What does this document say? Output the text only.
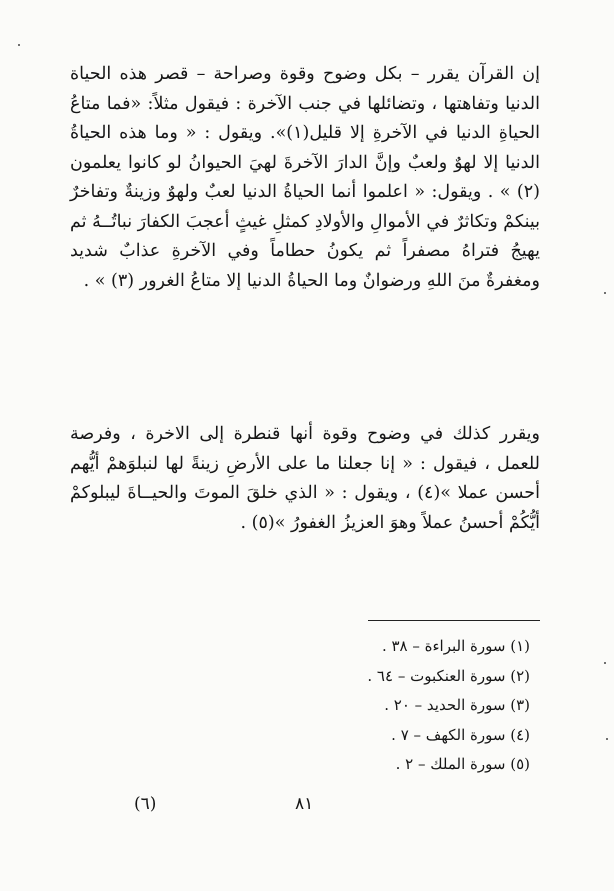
إن القرآن يقرر – بكل وضوح وقوة وصراحة – قصر هذه الحياة الدنيا وتفاهتها ، وتضائلها في جنب الآخرة : فيقول مثلاً: «فما متاعُ الحياةِ الدنيا في الآخرةِ إلا قليل(١)». ويقول : « وما هذه الحياةُ الدنيا إلا لهوٌ ولعبٌ وإنَّ الدارَ الآخرةَ لهيَ الحيوانُ لو كانوا يعلمون (٢) » . ويقول: « اعلموا أنما الحياةُ الدنيا لعبٌ ولهوٌ وزينةٌ وتفاخرٌ بينكمْ وتكاثرٌ في الأموالِ والأولادِ كمثلِ غيثٍ أعجبَ الكفارَ نباتُــهُ ثم يهيجُ فتراهُ مصفراً ثم يكونُ حطاماً وفي الآخرةِ عذابٌ شديد ومغفرةٌ منَ اللهِ ورضوانٌ وما الحياةُ الدنيا إلا متاعُ الغرور (٣) » .

ويقرر كذلك في وضوح وقوة أنها قنطرة إلى الاخرة ، وفرصة للعمل ، فيقول : « إنا جعلنا ما على الأرضِ زينةً لها لنبلوَهمْ أيُّهم أحسن عملا »(٤) ، ويقول : « الذي خلقَ الموتَ والحيــاةَ ليبلوكمْ أيُّكُمْ أحسنُ عملاً وهوَ العزيزُ الغفورُ »(٥) .

(١) سورة البراءة – ٣٨ .
(٢) سورة العنكبوت – ٦٤ .
(٣) سورة الحديد – ٢٠ .
(٤) سورة الكهف – ٧ .
(٥) سورة الملك – ٢ .
٨١
(٦)
